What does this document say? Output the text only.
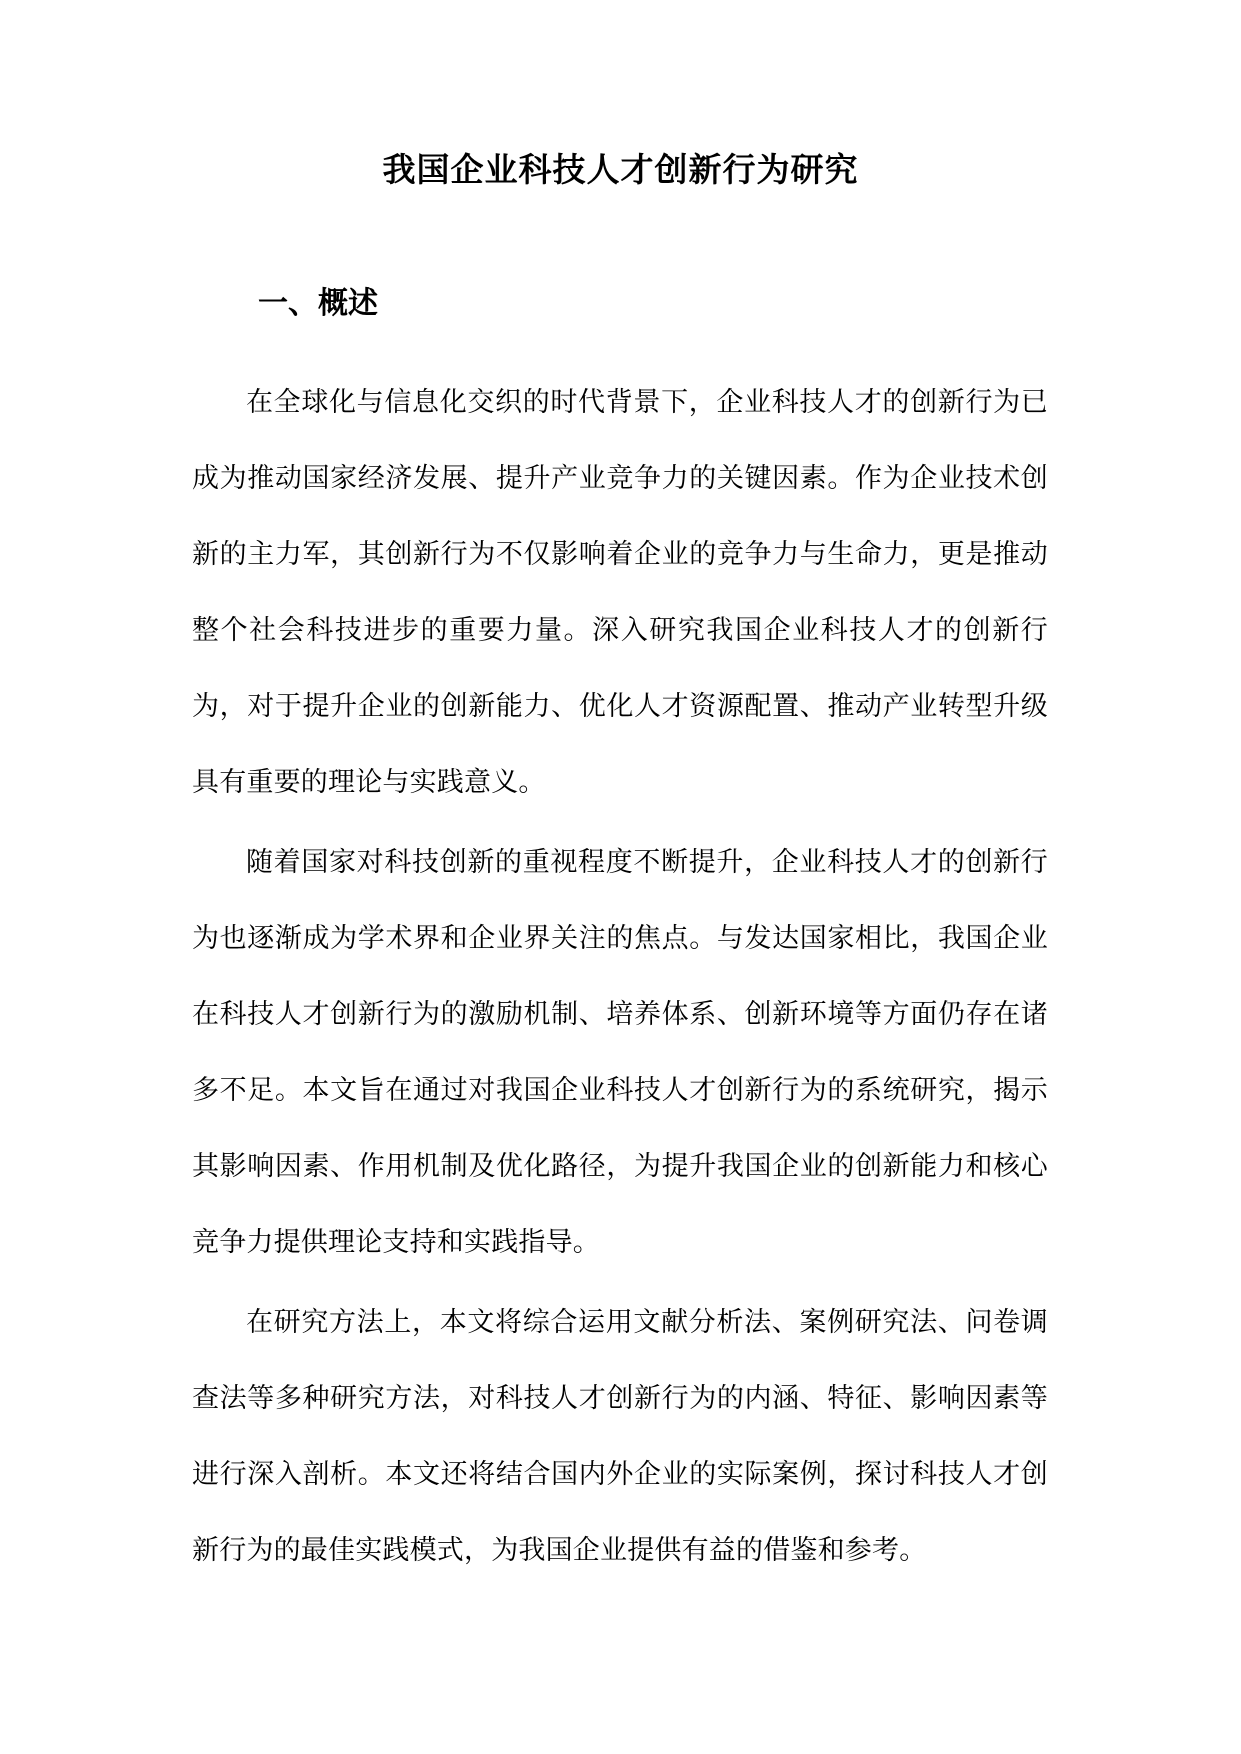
我国企业科技人才创新行为研究
一、概述

在全球化与信息化交织的时代背景下，企业科技人才的创新行为已成为推动国家经济发展、提升产业竞争力的关键因素。作为企业技术创新的主力军，其创新行为不仅影响着企业的竞争力与生命力，更是推动整个社会科技进步的重要力量。深入研究我国企业科技人才的创新行为，对于提升企业的创新能力、优化人才资源配置、推动产业转型升级具有重要的理论与实践意义。

随着国家对科技创新的重视程度不断提升，企业科技人才的创新行为也逐渐成为学术界和企业界关注的焦点。与发达国家相比，我国企业在科技人才创新行为的激励机制、培养体系、创新环境等方面仍存在诸多不足。本文旨在通过对我国企业科技人才创新行为的系统研究，揭示其影响因素、作用机制及优化路径，为提升我国企业的创新能力和核心竞争力提供理论支持和实践指导。

在研究方法上，本文将综合运用文献分析法、案例研究法、问卷调查法等多种研究方法，对科技人才创新行为的内涵、特征、影响因素等进行深入剖析。本文还将结合国内外企业的实际案例，探讨科技人才创新行为的最佳实践模式，为我国企业提供有益的借鉴和参考。
